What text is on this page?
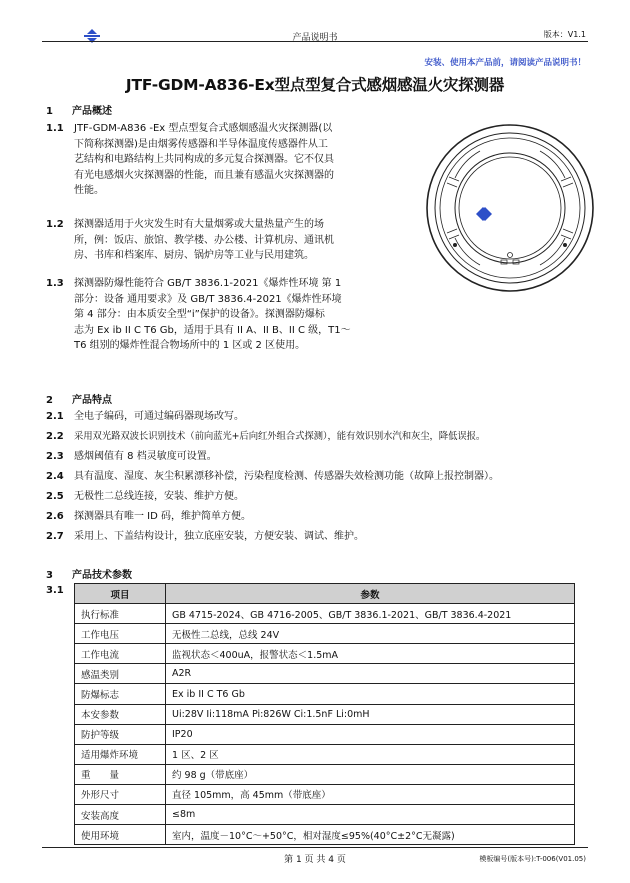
产品说明书	版本：V1.1
安装、使用本产品前，请阅读产品说明书！
JTF-GDM-A836-Ex型点型复合式感烟感温火灾探测器
1 产品概述
1.1 JTF-GDM-A836 -Ex 型点型复合式感烟感温火灾探测器(以
下简称探测器)是由烟雾传感器和半导体温度传感器件从工
艺结构和电路结构上共同构成的多元复合探测器。它不仅具
有光电感烟火灾探测器的性能，而且兼有感温火灾探测器的
性能。
1.2 探测器适用于火灾发生时有大量烟雾或大量热量产生的场
所，例：饭店、旅馆、教学楼、办公楼、计算机房、通讯机
房、书库和档案库、厨房、锅炉房等工业与民用建筑。
1.3 探测器防爆性能符合 GB/T 3836.1-2021《爆炸性环境 第 1
部分：设备 通用要求》及 GB/T 3836.4-2021《爆炸性环境
第 4 部分：由本质安全型“i”保护的设备》。探测器防爆标
志为 Ex ib II C T6 Gb，适用于具有 II A、II B、II C 级，T1～
T6 组别的爆炸性混合物场所中的 1 区或 2 区使用。
2 产品特点
2.1 全电子编码，可通过编码器现场改写。
2.2 采用双光路双波长识别技术（前向蓝光+后向红外组合式探测），能有效识别水汽和灰尘，降低误报。
2.3 感烟阈值有 8 档灵敏度可设置。
2.4 具有温度、湿度、灰尘积累漂移补偿，污染程度检测、传感器失效检测功能（故障上报控制器）。
2.5 无极性二总线连接，安装、维护方便。
2.6 探测器具有唯一 ID 码，维护简单方便。
2.7 采用上、下盖结构设计，独立底座安装，方便安装、调试、维护。
3 产品技术参数
3.1	项目	参数
执行标准	GB 4715-2024、GB 4716-2005、GB/T 3836.1-2021、GB/T 3836.4-2021
工作电压	无极性二总线，总线 24V
工作电流	监视状态＜400uA，报警状态＜1.5mA
感温类别	A2R
防爆标志	Ex ib II C T6 Gb
本安参数	Ui:28V Ii:118mA Pi:826W Ci:1.5nF Li:0mH
防护等级	IP20
适用爆炸环境	1 区、2 区
重　　量	约 98 g（带底座）
外形尺寸	直径 105mm，高 45mm（带底座）
安装高度	≤8m
使用环境	室内，温度－10°C～+50°C，相对湿度≤95%(40°C±2°C无凝露)
第 1 页 共 4 页	模板编号(版本号):T-006(V01.05)
